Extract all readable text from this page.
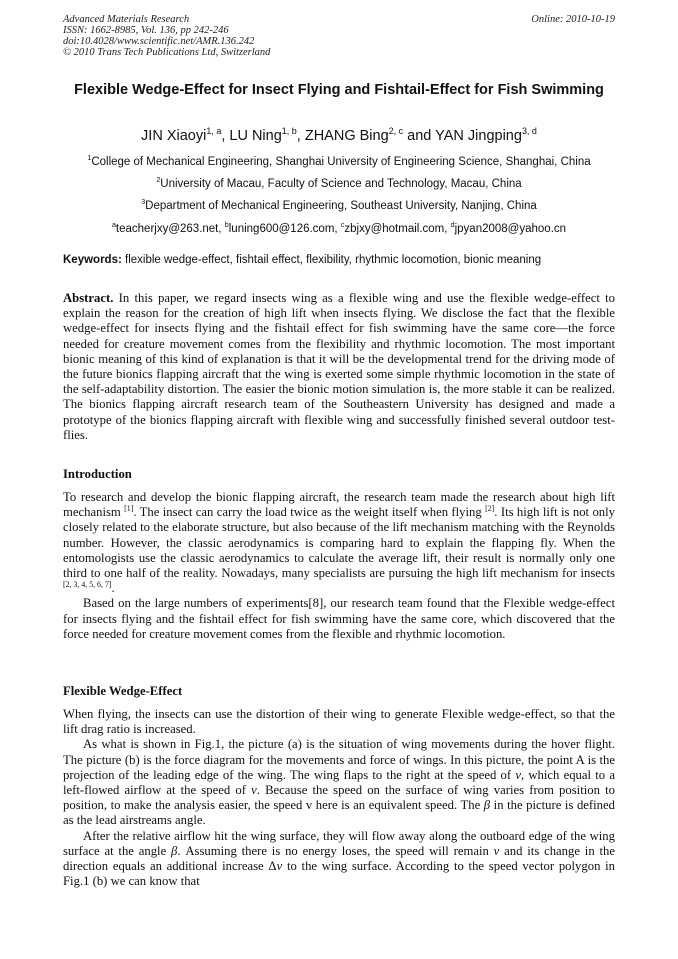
Advanced Materials Research
ISSN: 1662-8985, Vol. 136, pp 242-246
doi:10.4028/www.scientific.net/AMR.136.242
© 2010 Trans Tech Publications Ltd, Switzerland
Online: 2010-10-19
Flexible Wedge-Effect for Insect Flying and Fishtail-Effect for Fish Swimming
JIN Xiaoyi$^{1, a}$, LU Ning$^{1, b}$, ZHANG Bing$^{2, c}$ and YAN Jingping$^{3, d}$
$^1$College of Mechanical Engineering, Shanghai University of Engineering Science, Shanghai, China
$^2$University of Macau, Faculty of Science and Technology, Macau, China
$^3$Department of Mechanical Engineering, Southeast University, Nanjing, China
$^a$teacherjxy@263.net, $^b$luning600@126.com, $^c$zbjxy@hotmail.com, $^d$jpyan2008@yahoo.cn
Keywords: flexible wedge-effect, fishtail effect, flexibility, rhythmic locomotion, bionic meaning

Abstract. In this paper, we regard insects wing as a flexible wing and use the flexible wedge-effect to explain the reason for the creation of high lift when insects flying. We disclose the fact that the flexible wedge-effect for insects flying and the fishtail effect for fish swimming have the same core—the force needed for creature movement comes from the flexibility and rhythmic locomotion. The most important bionic meaning of this kind of explanation is that it will be the developmental trend for the driving mode of the future bionics flapping aircraft that the wing is exerted some simple rhythmic locomotion in the state of the self-adaptability distortion. The easier the bionic motion simulation is, the more stable it can be realized. The bionics flapping aircraft research team of the Southeastern University has designed and made a prototype of the bionics flapping aircraft with flexible wing and successfully finished several outdoor test-flies.

Introduction

To research and develop the bionic flapping aircraft, the research team made the research about high lift mechanism [1]. The insect can carry the load twice as the weight itself when flying [2]. Its high lift is not only closely related to the elaborate structure, but also because of the lift mechanism matching with the Reynolds number. However, the classic aerodynamics is comparing hard to explain the flapping fly. When the entomologists use the classic aerodynamics to calculate the average lift, their result is normally only one third to one half of the reality. Nowadays, many specialists are pursuing the high lift mechanism for insects [2, 3, 4, 5, 6, 7].

Based on the large numbers of experiments[8], our research team found that the Flexible wedge-effect for insects flying and the fishtail effect for fish swimming have the same core, which discovered that the force needed for creature movement comes from the flexible and rhythmic locomotion.

Flexible Wedge-Effect

When flying, the insects can use the distortion of their wing to generate Flexible wedge-effect, so that the lift drag ratio is increased.

As what is shown in Fig.1, the picture (a) is the situation of wing movements during the hover flight. The picture (b) is the force diagram for the movements and force of wings. In this picture, the point A is the projection of the leading edge of the wing. The wing flaps to the right at the speed of v, which equal to a left-flowed airflow at the speed of v. Because the speed on the surface of wing varies from position to position, to make the analysis easier, the speed v here is an equivalent speed. The β in the picture is defined as the lead airstreams angle.

After the relative airflow hit the wing surface, they will flow away along the outboard edge of the wing surface at the angle β. Assuming there is no energy loses, the speed will remain v and its change in the direction equals an additional increase Δv to the wing surface. According to the speed vector polygon in Fig.1 (b) we can know that
